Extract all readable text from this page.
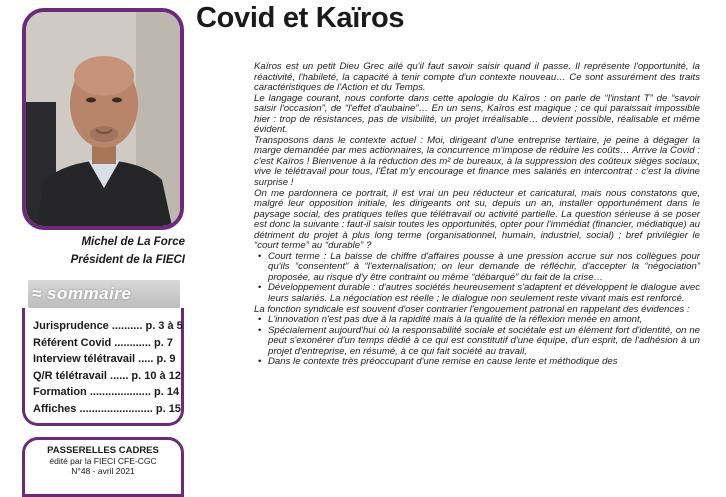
Michel de La Force
Président de la FIECI
≈ sommaire
Jurisprudence .......... p. 3 à 5
Référent Covid ............ p. 7
Interview télétravail ..... p. 9
Q/R télétravail ...... p. 10 à 12
Formation .................... p. 14
Affiches ........................ p. 15
PASSERELLES CADRES
édité par la FIECI CFE-CGC
N°48 - avril 2021
Covid et Kaïros

Kaïros est un petit Dieu Grec ailé qu'il faut savoir saisir quand il passe. Il représente l'opportunité, la réactivité, l'habileté, la capacité à tenir compte d'un contexte nouveau… Ce sont assurément des traits caractéristiques de l'Action et du Temps.

Le langage courant, nous conforte dans cette apologie du Kaïros : on parle de “l'instant T” de “savoir saisir l'occasion”, de “l'effet d'aubaine”… En un sens, Kaïros est magique ; ce qui paraissait impossible hier : trop de résistances, pas de visibilité, un projet irréalisable… devient possible, réalisable et même évident.

Transposons dans le contexte actuel : Moi, dirigeant d'une entreprise tertiaire, je peine à dégager la marge demandée par mes actionnaires, la concurrence m'impose de réduire les coûts… Arrive la Covid : c'est Kaïros ! Bienvenue à la réduction des m² de bureaux, à la suppression des coûteux sièges sociaux, vive le télétravail pour tous, l'État m'y encourage et finance mes salariés en intercontrat : c'est la divine surprise !

On me pardonnera ce portrait, il est vrai un peu réducteur et caricatural, mais nous constatons que, malgré leur opposition initiale, les dirigeants ont su, depuis un an, installer opportunément dans le paysage social, des pratiques telles que télétravail ou activité partielle. La question sérieuse à se poser est donc la suivante : faut-il saisir toutes les opportunités, opter pour l'immédiat (financier, médiatique) au détriment du projet à plus long terme (organisationnel, humain, industriel, social) ; bref privilégier le “court terme” au “durable” ?

• Court terme : La baisse de chiffre d'affaires pousse à une pression accrue sur nos collègues pour qu'ils “consentent” à “l'externalisation; on leur demande de réfléchir, d'accepter la “négociation” proposée, au risque d'y être contraint ou même “débarqué” du fait de la crise…
• Développement durable : d'autres sociétés heureusement s'adaptent et développent le dialogue avec leurs salariés. La négociation est réelle ; le dialogue non seulement reste vivant mais est renforcé.

La fonction syndicale est souvent d'oser contrarier l'engouement patronal en rappelant des évidences :

• L'innovation n'est pas due à la rapidité mais à la qualité de la réflexion menée en amont,
• Spécialement aujourd'hui où la responsabilité sociale et sociétale est un élément fort d'identité, on ne peut s'exonérer d'un temps dédié à ce qui est constitutif d'une équipe, d'un esprit, de l'adhésion à un projet d'entreprise, en résumé, à ce qui fait société au travail,
• Dans le contexte très préoccupant d'une remise en cause lente et méthodique des
